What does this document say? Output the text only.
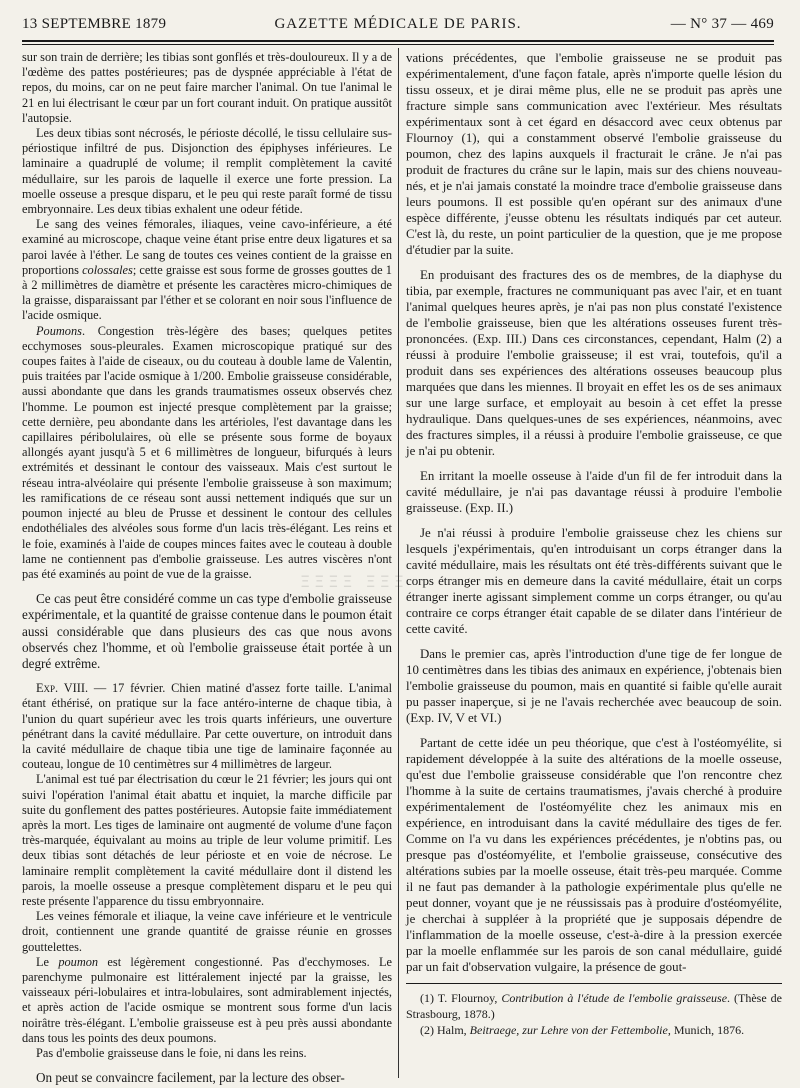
13 SEPTEMBRE 1879	GAZETTE MÉDICALE DE PARIS.	— N° 37 — 469
ΞΞΞΞ ΞΞΞ

sur son train de derrière; les tibias sont gonflés et très-douloureux. Il y a de l'œdème des pattes postérieures; pas de dyspnée appréciable à l'état de repos, du moins, car on ne peut faire marcher l'animal. On tue l'animal le 21 en lui électrisant le cœur par un fort courant induit. On pratique aussitôt l'autopsie.

Les deux tibias sont nécrosés, le périoste décollé, le tissu cellulaire sus-périostique infiltré de pus. Disjonction des épiphyses inférieures. Le laminaire a quadruplé de volume; il remplit complètement la cavité médullaire, sur les parois de laquelle il exerce une forte pression. La moelle osseuse a presque disparu, et le peu qui reste paraît formé de tissu embryonnaire. Les deux tibias exhalent une odeur fétide.

Le sang des veines fémorales, iliaques, veine cavo-inférieure, a été examiné au microscope, chaque veine étant prise entre deux ligatures et sa paroi lavée à l'éther. Le sang de toutes ces veines contient de la graisse en proportions colossales; cette graisse est sous forme de grosses gouttes de 1 à 2 millimètres de diamètre et présente les caractères micro-chimiques de la graisse, disparaissant par l'éther et se colorant en noir sous l'influence de l'acide osmique.

Poumons. Congestion très-légère des bases; quelques petites ecchymoses sous-pleurales. Examen microscopique pratiqué sur des coupes faites à l'aide de ciseaux, ou du couteau à double lame de Valentin, puis traitées par l'acide osmique à 1/200. Embolie graisseuse considérable, aussi abondante que dans les grands traumatismes osseux observés chez l'homme. Le poumon est injecté presque complètement par la graisse; cette dernière, peu abondante dans les artérioles, l'est davantage dans les capillaires péribolulaires, où elle se présente sous forme de boyaux allongés ayant jusqu'à 5 et 6 millimètres de longueur, bifurqués à leurs extrémités et dessinant le contour des vaisseaux. Mais c'est surtout le réseau intra-alvéolaire qui présente l'embolie graisseuse à son maximum; les ramifications de ce réseau sont aussi nettement indiqués que sur un poumon injecté au bleu de Prusse et dessinent le contour des cellules endothéliales des alvéoles sous forme d'un lacis très-élégant. Les reins et le foie, examinés à l'aide de coupes minces faites avec le couteau à double lame ne contiennent pas d'embolie graisseuse. Les autres viscères n'ont pas été examinés au point de vue de la graisse.

Ce cas peut être considéré comme un cas type d'embolie graisseuse expérimentale, et la quantité de graisse contenue dans le poumon était aussi considérable que dans plusieurs des cas que nous avons observés chez l'homme, et où l'embolie graisseuse était portée à un degré extrême.

Exp. VIII. — 17 février. Chien matiné d'assez forte taille. L'animal étant éthérisé, on pratique sur la face antéro-interne de chaque tibia, à l'union du quart supérieur avec les trois quarts inférieurs, une ouverture pénétrant dans la cavité médullaire. Par cette ouverture, on introduit dans la cavité médullaire de chaque tibia une tige de laminaire façonnée au couteau, longue de 10 centimètres sur 4 millimètres de largeur.

L'animal est tué par électrisation du cœur le 21 février; les jours qui ont suivi l'opération l'animal était abattu et inquiet, la marche difficile par suite du gonflement des pattes postérieures. Autopsie faite immédiatement après la mort. Les tiges de laminaire ont augmenté de volume d'une façon très-marquée, équivalant au moins au triple de leur volume primitif. Les deux tibias sont détachés de leur périoste et en voie de nécrose. Le laminaire remplit complètement la cavité médullaire dont il distend les parois, la moelle osseuse a presque complètement disparu et le peu qui reste présente l'apparence du tissu embryonnaire.

Les veines fémorale et iliaque, la veine cave inférieure et le ventricule droit, contiennent une grande quantité de graisse réunie en grosses gouttelettes.

Le poumon est légèrement congestionné. Pas d'ecchymoses. Le parenchyme pulmonaire est littéralement injecté par la graisse, les vaisseaux péri-lobulaires et intra-lobulaires, sont admirablement injectés, et après action de l'acide osmique se montrent sous forme d'un lacis noirâtre très-élégant. L'embolie graisseuse est à peu près aussi abondante dans tous les points des deux poumons.

Pas d'embolie graisseuse dans le foie, ni dans les reins.

On peut se convaincre facilement, par la lecture des obser-

vations précédentes, que l'embolie graisseuse ne se produit pas expérimentalement, d'une façon fatale, après n'importe quelle lésion du tissu osseux, et je dirai même plus, elle ne se produit pas après une fracture simple sans communication avec l'extérieur. Mes résultats expérimentaux sont à cet égard en désaccord avec ceux obtenus par Flournoy (1), qui a constamment observé l'embolie graisseuse du poumon, chez des lapins auxquels il fracturait le crâne. Je n'ai pas produit de fractures du crâne sur le lapin, mais sur des chiens nouveau-nés, et je n'ai jamais constaté la moindre trace d'embolie graisseuse dans leurs poumons. Il est possible qu'en opérant sur des animaux d'une espèce différente, j'eusse obtenu les résultats indiqués par cet auteur. C'est là, du reste, un point particulier de la question, que je me propose d'étudier par la suite.

En produisant des fractures des os de membres, de la diaphyse du tibia, par exemple, fractures ne communiquant pas avec l'air, et en tuant l'animal quelques heures après, je n'ai pas non plus constaté l'existence de l'embolie graisseuse, bien que les altérations osseuses furent très-prononcées. (Exp. III.) Dans ces circonstances, cependant, Halm (2) a réussi à produire l'embolie graisseuse; il est vrai, toutefois, qu'il a produit dans ses expériences des altérations osseuses beaucoup plus marquées que dans les miennes. Il broyait en effet les os de ses animaux sur une large surface, et employait au besoin à cet effet la presse hydraulique. Dans quelques-unes de ses expériences, néanmoins, avec des fractures simples, il a réussi à produire l'embolie graisseuse, ce que je n'ai pu obtenir.

En irritant la moelle osseuse à l'aide d'un fil de fer introduit dans la cavité médullaire, je n'ai pas davantage réussi à produire l'embolie graisseuse. (Exp. II.)

Je n'ai réussi à produire l'embolie graisseuse chez les chiens sur lesquels j'expérimentais, qu'en introduisant un corps étranger dans la cavité médullaire, mais les résultats ont été très-différents suivant que le corps étranger mis en demeure dans la cavité médullaire, était un corps étranger inerte agissant simplement comme un corps étranger, ou qu'au contraire ce corps étranger était capable de se dilater dans l'intérieur de cette cavité.

Dans le premier cas, après l'introduction d'une tige de fer longue de 10 centimètres dans les tibias des animaux en expérience, j'obtenais bien l'embolie graisseuse du poumon, mais en quantité si faible qu'elle aurait pu passer inaperçue, si je ne l'avais recherchée avec beaucoup de soin. (Exp. IV, V et VI.)

Partant de cette idée un peu théorique, que c'est à l'ostéomyélite, si rapidement développée à la suite des altérations de la moelle osseuse, qu'est due l'embolie graisseuse considérable que l'on rencontre chez l'homme à la suite de certains traumatismes, j'avais cherché à produire expérimentalement de l'ostéomyélite chez les animaux mis en expérience, en introduisant dans la cavité médullaire des tiges de fer. Comme on l'a vu dans les expériences précédentes, je n'obtins pas, ou presque pas d'ostéomyélite, et l'embolie graisseuse, consécutive des altérations subies par la moelle osseuse, était très-peu marquée. Comme il ne faut pas demander à la pathologie expérimentale plus qu'elle ne peut donner, voyant que je ne réussissais pas à produire d'ostéomyélite, je cherchai à suppléer à la propriété que je supposais dépendre de l'inflammation de la moelle osseuse, c'est-à-dire à la pression exercée par la moelle enflammée sur les parois de son canal médullaire, guidé par un fait d'observation vulgaire, la présence de gout-

(1) T. Flournoy, Contribution à l'étude de l'embolie graisseuse. (Thèse de Strasbourg, 1878.)

(2) Halm, Beitraege, zur Lehre von der Fettembolie, Munich, 1876.
